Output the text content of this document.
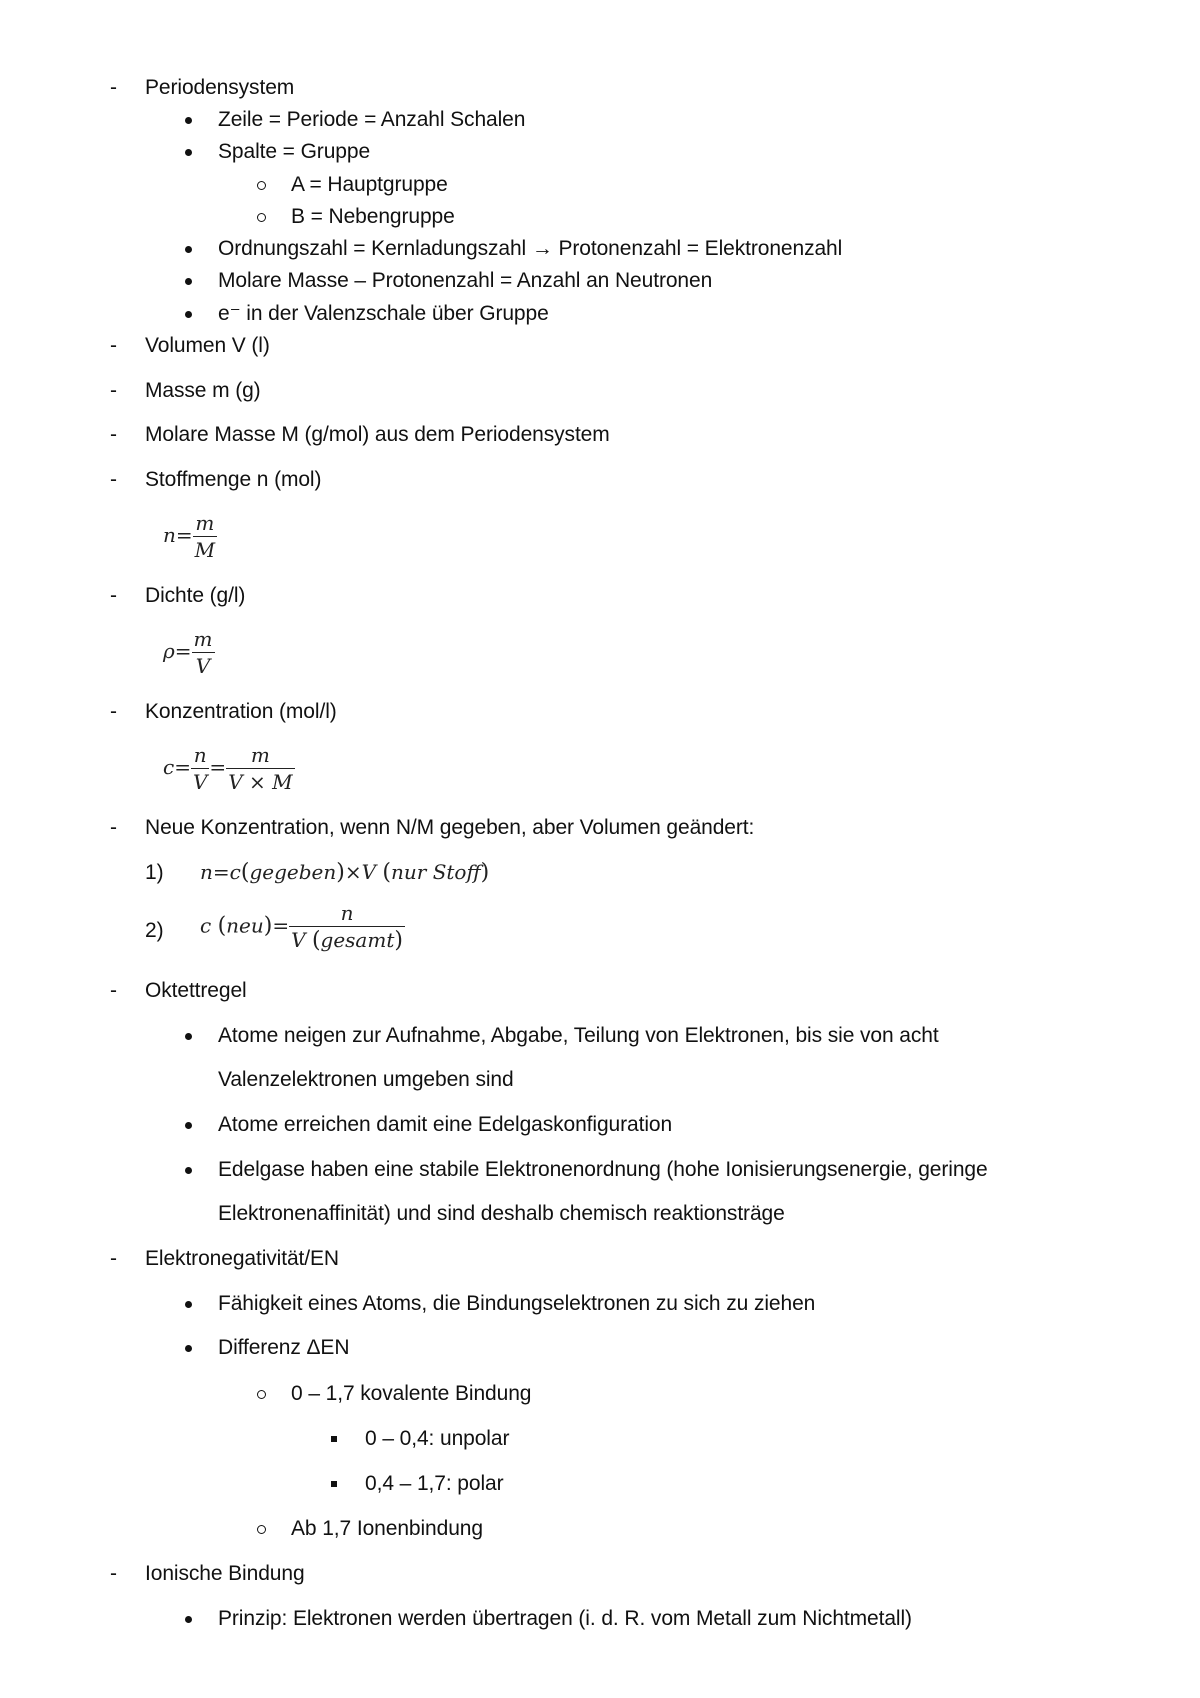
- Periodensystem
Zeile = Periode = Anzahl Schalen
Spalte = Gruppe
A = Hauptgruppe
B = Nebengruppe
Ordnungszahl = Kernladungszahl → Protonenzahl = Elektronenzahl
Molare Masse – Protonenzahl = Anzahl an Neutronen
e⁻ in der Valenzschale über Gruppe
- Volumen V (l)
- Masse m (g)
- Molare Masse M (g/mol) aus dem Periodensystem
- Stoffmenge n (mol)
$n= \frac{m}{M}$
- Dichte (g/l)
$\rho= \frac{m}{V}$
- Konzentration (mol/l)
$c= \frac{n}{V} = \frac{m}{V \times M}$
- Neue Konzentration, wenn N/M gegeben, aber Volumen geändert:
1) n=c(gegeben)×V (nur Stoff)
2) c $(neu)= \frac{n}{\text{V (gesamt)}}$
- Oktettregel
Atome neigen zur Aufnahme, Abgabe, Teilung von Elektronen, bis sie von acht
Valenzelektronen umgeben sind
Atome erreichen damit eine Edelgaskonfiguration
Edelgase haben eine stabile Elektronenordnung (hohe Ionisierungsenergie, geringe
Elektronenaffinität) und sind deshalb chemisch reaktionsträge
- Elektronegativität/EN
Fähigkeit eines Atoms, die Bindungselektronen zu sich zu ziehen
Differenz ΔEN
0 – 1,7 kovalente Bindung
0 – 0,4: unpolar
0,4 – 1,7: polar
Ab 1,7 Ionenbindung
- Ionische Bindung
Prinzip: Elektronen werden übertragen (i. d. R. vom Metall zum Nichtmetall)
